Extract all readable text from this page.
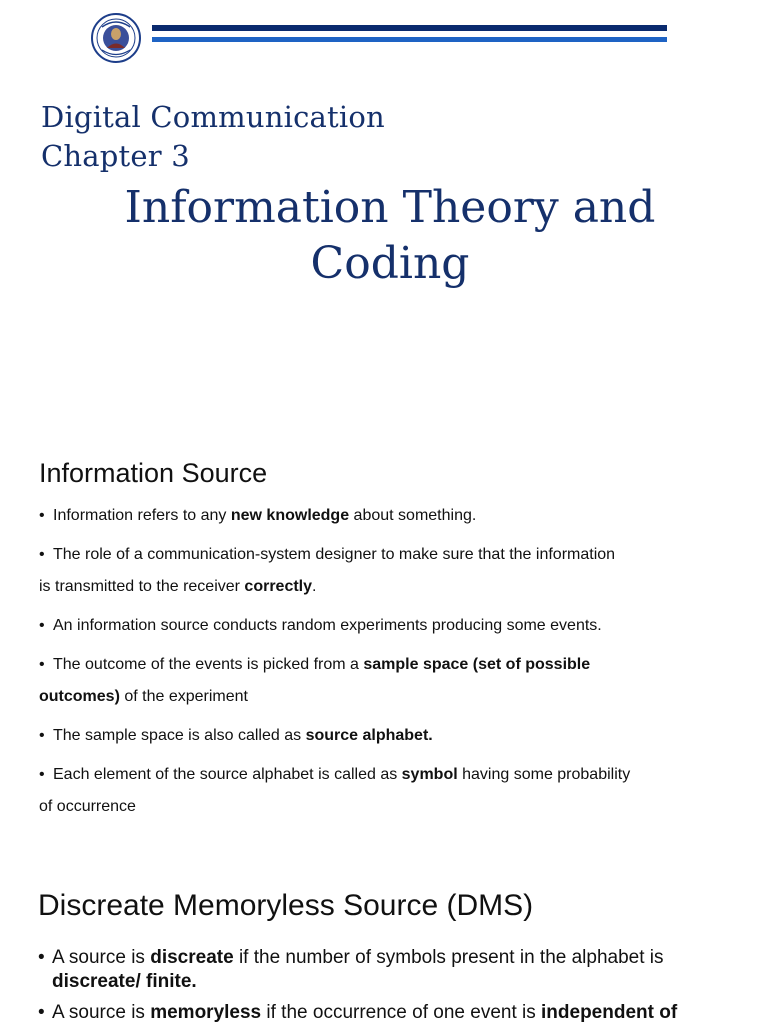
Digital Communication
Chapter 3
Information Theory and
Coding
Information Source
• Information refers to any new knowledge about something.
• The role of a communication-system designer to make sure that the information
is transmitted to the receiver correctly.
• An information source conducts random experiments producing some events.
• The outcome of the events is picked from a sample space (set of possible
outcomes) of the experiment
• The sample space is also called as source alphabet.
• Each element of the source alphabet is called as symbol having some probability
of occurrence
Discreate Memoryless Source (DMS)
• A source is discreate if the number of symbols present in the alphabet is
discreate/ finite.
• A source is memoryless if the occurrence of one event is independent of
